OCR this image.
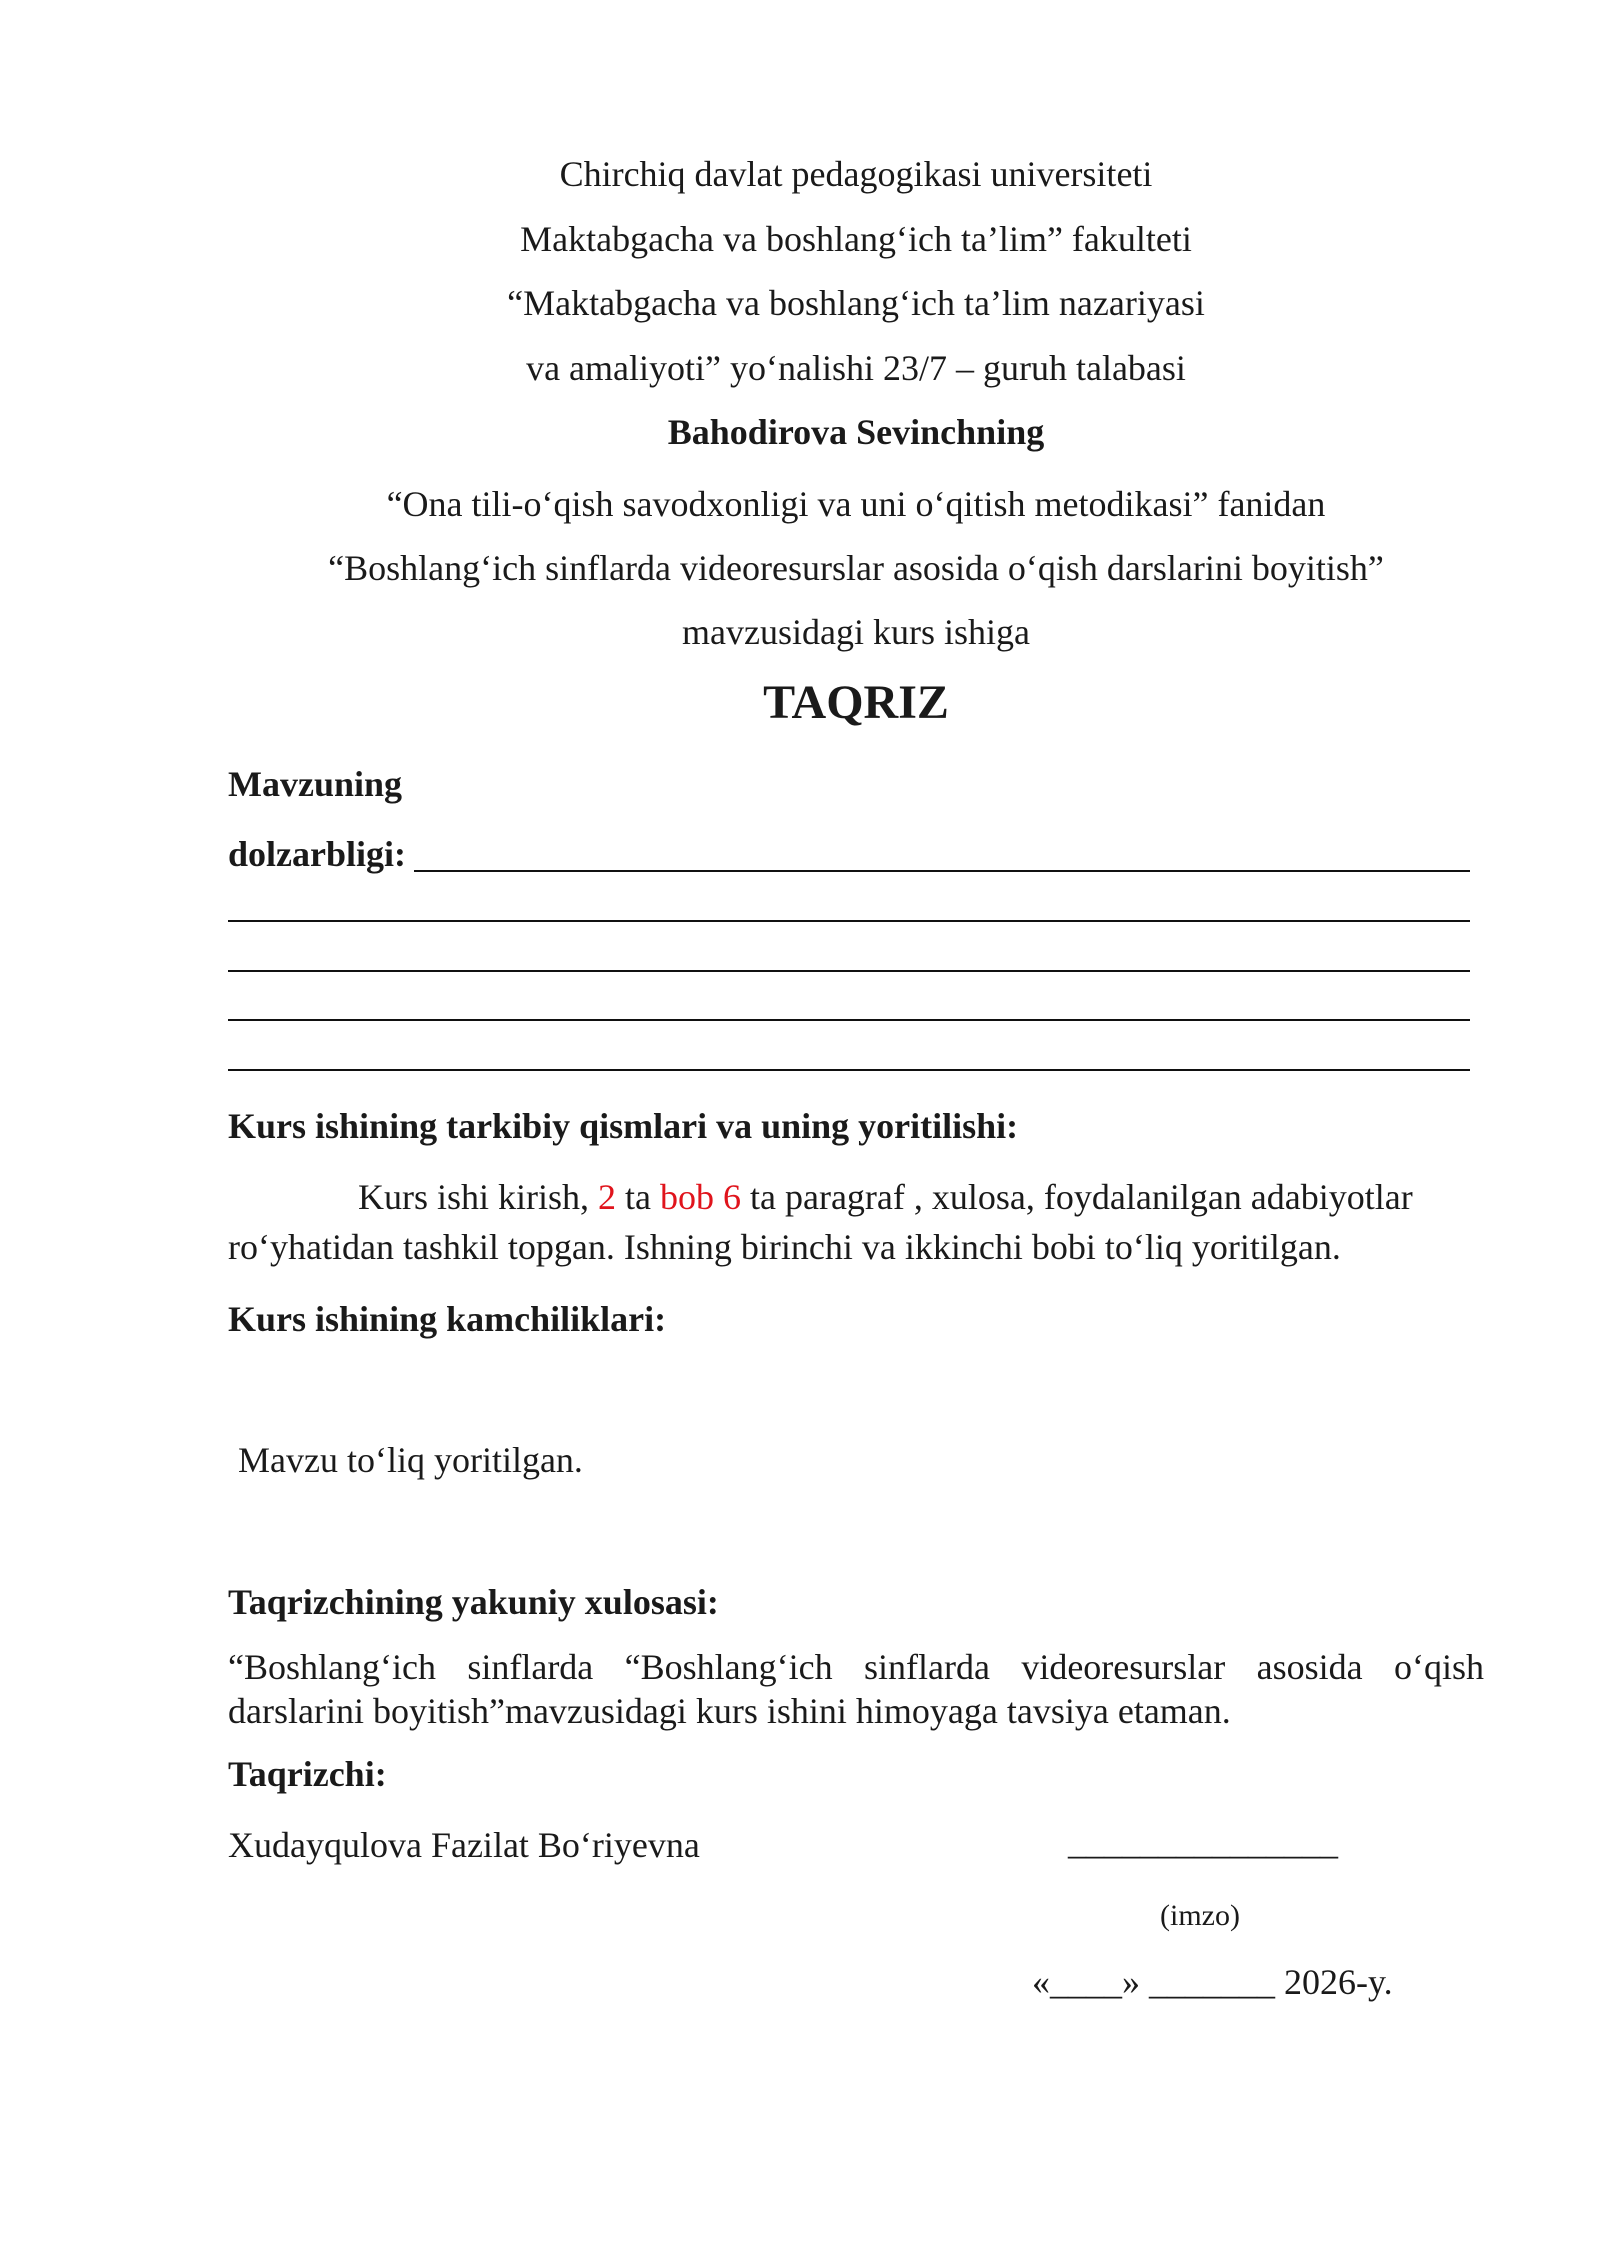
Chirchiq davlat pedagogikasi universiteti
Maktabgacha va boshlang‘ich ta’lim” fakulteti
“Maktabgacha va boshlang‘ich ta’lim nazariyasi
va amaliyoti” yo‘nalishi 23/7 – guruh talabasi
Bahodirova Sevinchning
“Ona tili-o‘qish savodxonligi va uni o‘qitish metodikasi” fanidan
“Boshlang‘ich sinflarda videoresurslar asosida o‘qish darslarini boyitish”
mavzusidagi kurs ishiga
TAQRIZ
Mavzuning
dolzarbligi:
Kurs ishining tarkibiy qismlari va uning yoritilishi:
Kurs ishi kirish, 2 ta bob 6 ta paragraf , xulosa, foydalanilgan adabiyotlar
ro‘yhatidan tashkil topgan. Ishning birinchi va ikkinchi bobi to‘liq yoritilgan.
Kurs ishining kamchiliklari:
Mavzu to‘liq yoritilgan.
Taqrizchining yakuniy xulosasi:
“Boshlang‘ich sinflarda “Boshlang‘ich sinflarda videoresurslar asosida o‘qish darslarini boyitish”mavzusidagi kurs ishini himoyaga tavsiya etaman.
Taqrizchi:
Xudayqulova Fazilat Bo‘riyevna	_______________
(imzo)
«____» _______ 2026-y.
